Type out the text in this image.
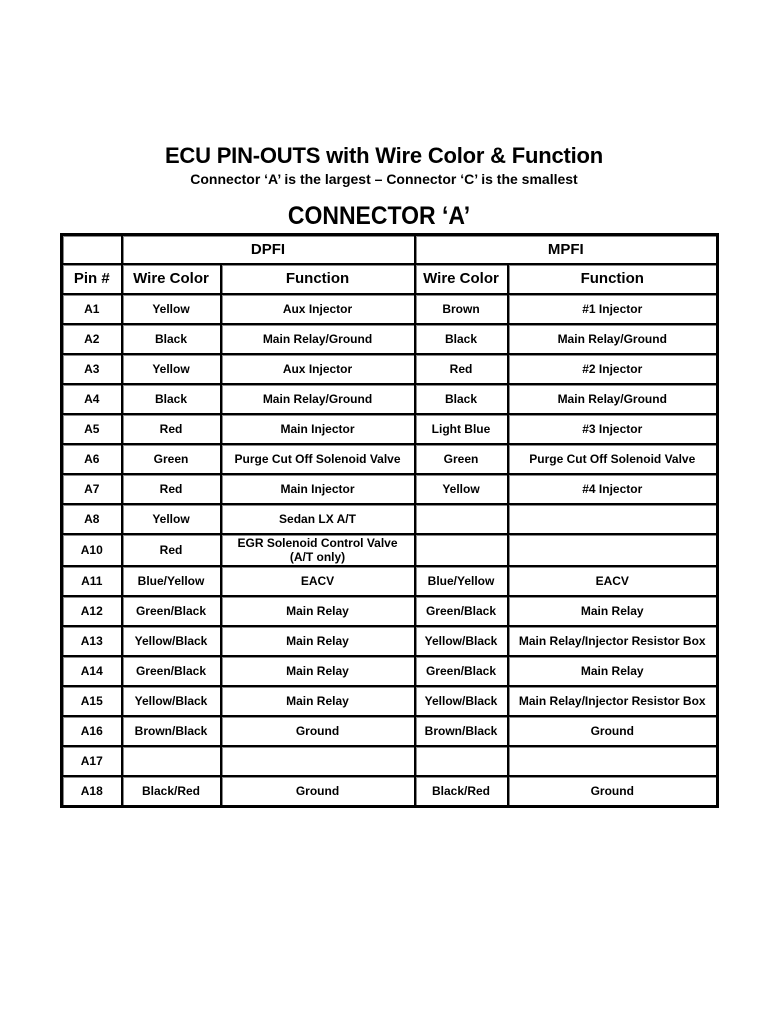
ECU PIN-OUTS with Wire Color & Function
Connector ‘A’ is the largest – Connector ‘C’ is the smallest
CONNECTOR ‘A’
	DPFI		MPFI	
Pin #	Wire Color	Function	Wire Color	Function
A1	Yellow	Aux Injector	Brown	#1 Injector
A2	Black	Main Relay/Ground	Black	Main Relay/Ground
A3	Yellow	Aux Injector	Red	#2 Injector
A4	Black	Main Relay/Ground	Black	Main Relay/Ground
A5	Red	Main Injector	Light Blue	#3 Injector
A6	Green	Purge Cut Off Solenoid Valve	Green	Purge Cut Off Solenoid Valve
A7	Red	Main Injector	Yellow	#4 Injector
A8	Yellow	Sedan LX A/T		
A10	Red	EGR Solenoid Control Valve
(A/T only)		

A11	Blue/Yellow	EACV	Blue/Yellow	EACV
A12	Green/Black	Main Relay	Green/Black	Main Relay
A13	Yellow/Black	Main Relay	Yellow/Black	Main Relay/Injector Resistor Box
A14	Green/Black	Main Relay	Green/Black	Main Relay
A15	Yellow/Black	Main Relay	Yellow/Black	Main Relay/Injector Resistor Box
A16	Brown/Black	Ground	Brown/Black	Ground
A17				
A18	Black/Red	Ground	Black/Red	Ground
